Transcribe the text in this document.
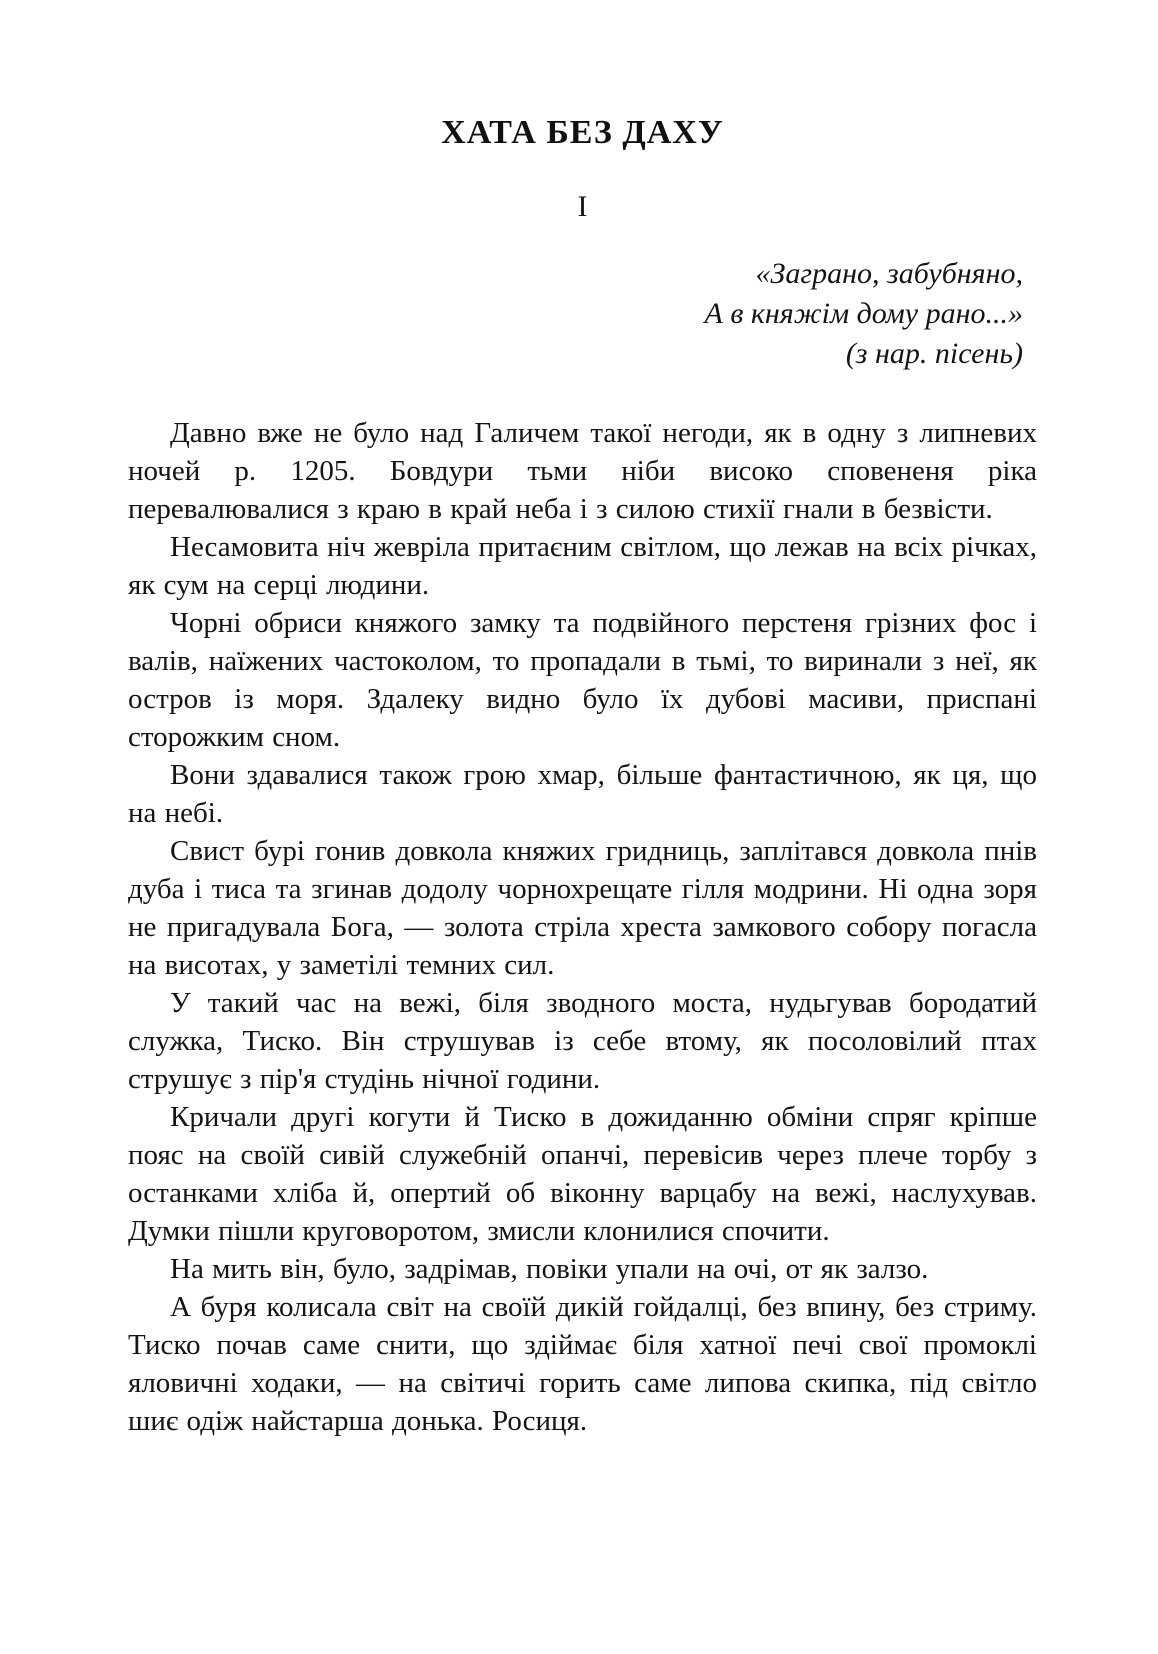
ХАТА БЕЗ ДАХУ
I
«Заграно, забубняно,
А в княжім дому рано...»
(з нар. пісень)

Давно вже не було над Галичем такої негоди, як в одну з липневих ночей р. 1205. Бовдури тьми ніби високо сповененя ріка перевалювалися з краю в край неба і з силою стихії гнали в безвісти.

Несамовита ніч жевріла притаєним світлом, що лежав на всіх річках, як сум на серці людини.

Чорні обриси княжого замку та подвійного перстеня грізних фос і валів, наїжених частоколом, то пропадали в тьмі, то виринали з неї, як остров із моря. Здалеку видно було їх дубові масиви, приспані сторожким сном.

Вони здавалися також грою хмар, більше фантастичною, як ця, що на небі.

Свист бурі гонив довкола княжих гридниць, заплітався довкола пнів дуба і тиса та згинав додолу чорнохрещате гілля модрини. Ні одна зоря не пригадувала Бога, — золота стріла хреста замкового собору погасла на висотах, у заметілі темних сил.

У такий час на вежі, біля зводного моста, нудьгував бородатий служка, Тиско. Він струшував із себе втому, як посоловілий птах струшує з пір'я студінь нічної години.

Кричали другі когути й Тиско в дожиданню обміни спряг кріпше пояс на своїй сивій служебній опанчі, перевісив через плече торбу з останками хліба й, опертий об віконну варцабу на вежі, наслухував. Думки пішли круговоротом, змисли клонилися спочити.

На мить він, було, задрімав, повіки упали на очі, от як залзо.

А буря колисала світ на своїй дикій гойдалці, без впину, без стриму. Тиско почав саме снити, що здіймає біля хатної печі свої промоклі яловичні ходаки, — на світичі горить саме липова скипка, під світло шиє одіж найстарша донька. Росиця.
